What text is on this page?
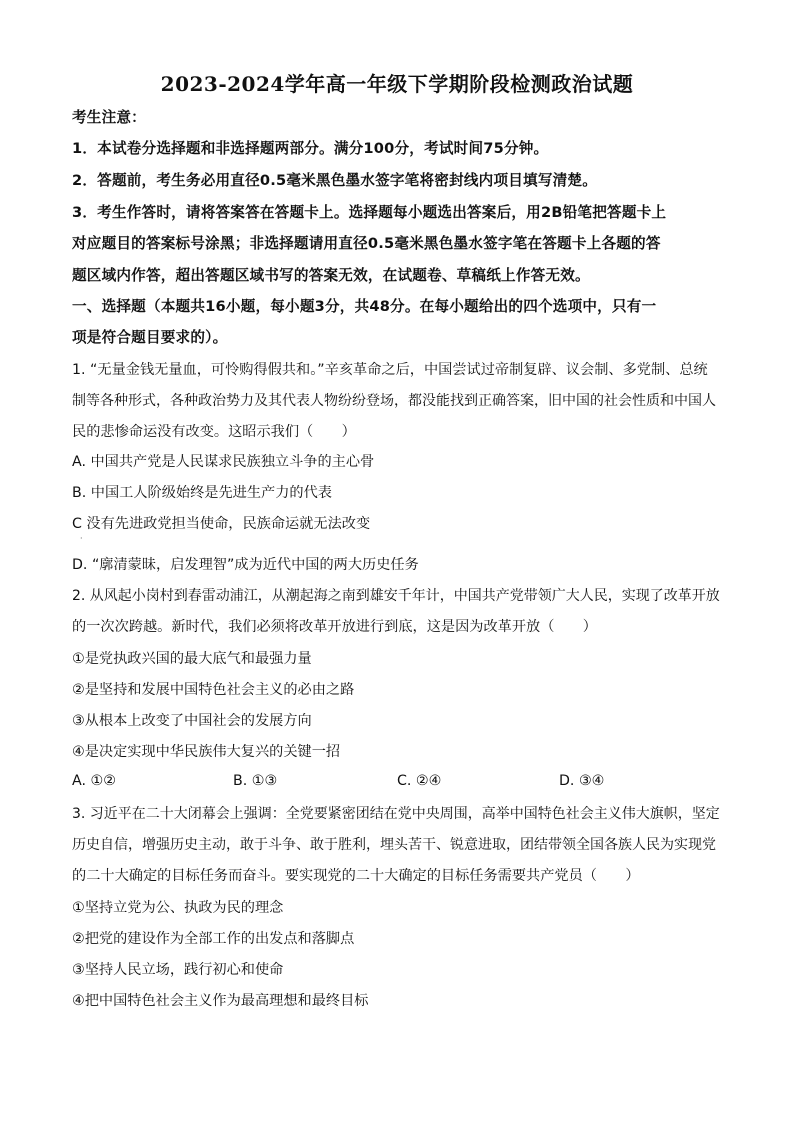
2023-2024学年高一年级下学期阶段检测政治试题
考生注意：
1．本试卷分选择题和非选择题两部分。满分100分，考试时间75分钟。
2．答题前，考生务必用直径0.5毫米黑色墨水签字笔将密封线内项目填写清楚。
3．考生作答时，请将答案答在答题卡上。选择题每小题选出答案后，用2B铅笔把答题卡上
对应题目的答案标号涂黑；非选择题请用直径0.5毫米黑色墨水签字笔在答题卡上各题的答
题区域内作答，超出答题区域书写的答案无效，在试题卷、草稿纸上作答无效。
一、选择题（本题共16小题，每小题3分，共48分。在每小题给出的四个选项中，只有一
项是符合题目要求的）。
1. “无量金钱无量血，可怜购得假共和。”辛亥革命之后，中国尝试过帝制复辟、议会制、多党制、总统
制等各种形式，各种政治势力及其代表人物纷纷登场，都没能找到正确答案，旧中国的社会性质和中国人
民的悲惨命运没有改变。这昭示我们（　　）
A. 中国共产党是人民谋求民族独立斗争的主心骨
B. 中国工人阶级始终是先进生产力的代表
C 没有先进政党担当使命，民族命运就无法改变
·
D. “廓清蒙昧，启发理智”成为近代中国的两大历史任务
2. 从风起小岗村到春雷动浦江，从潮起海之南到雄安千年计，中国共产党带领广大人民，实现了改革开放
的一次次跨越。新时代，我们必须将改革开放进行到底，这是因为改革开放（　　）
①是党执政兴国的最大底气和最强力量
②是坚持和发展中国特色社会主义的必由之路
③从根本上改变了中国社会的发展方向
④是决定实现中华民族伟大复兴的关键一招
A. ①②	B. ①③	C. ②④	D. ③④
3. 习近平在二十大闭幕会上强调：全党要紧密团结在党中央周围，高举中国特色社会主义伟大旗帜，坚定
历史自信，增强历史主动，敢于斗争、敢于胜利，埋头苦干、锐意进取，团结带领全国各族人民为实现党
的二十大确定的目标任务而奋斗。要实现党的二十大确定的目标任务需要共产党员（　　）
①坚持立党为公、执政为民的理念
②把党的建设作为全部工作的出发点和落脚点
③坚持人民立场，践行初心和使命
④把中国特色社会主义作为最高理想和最终目标
